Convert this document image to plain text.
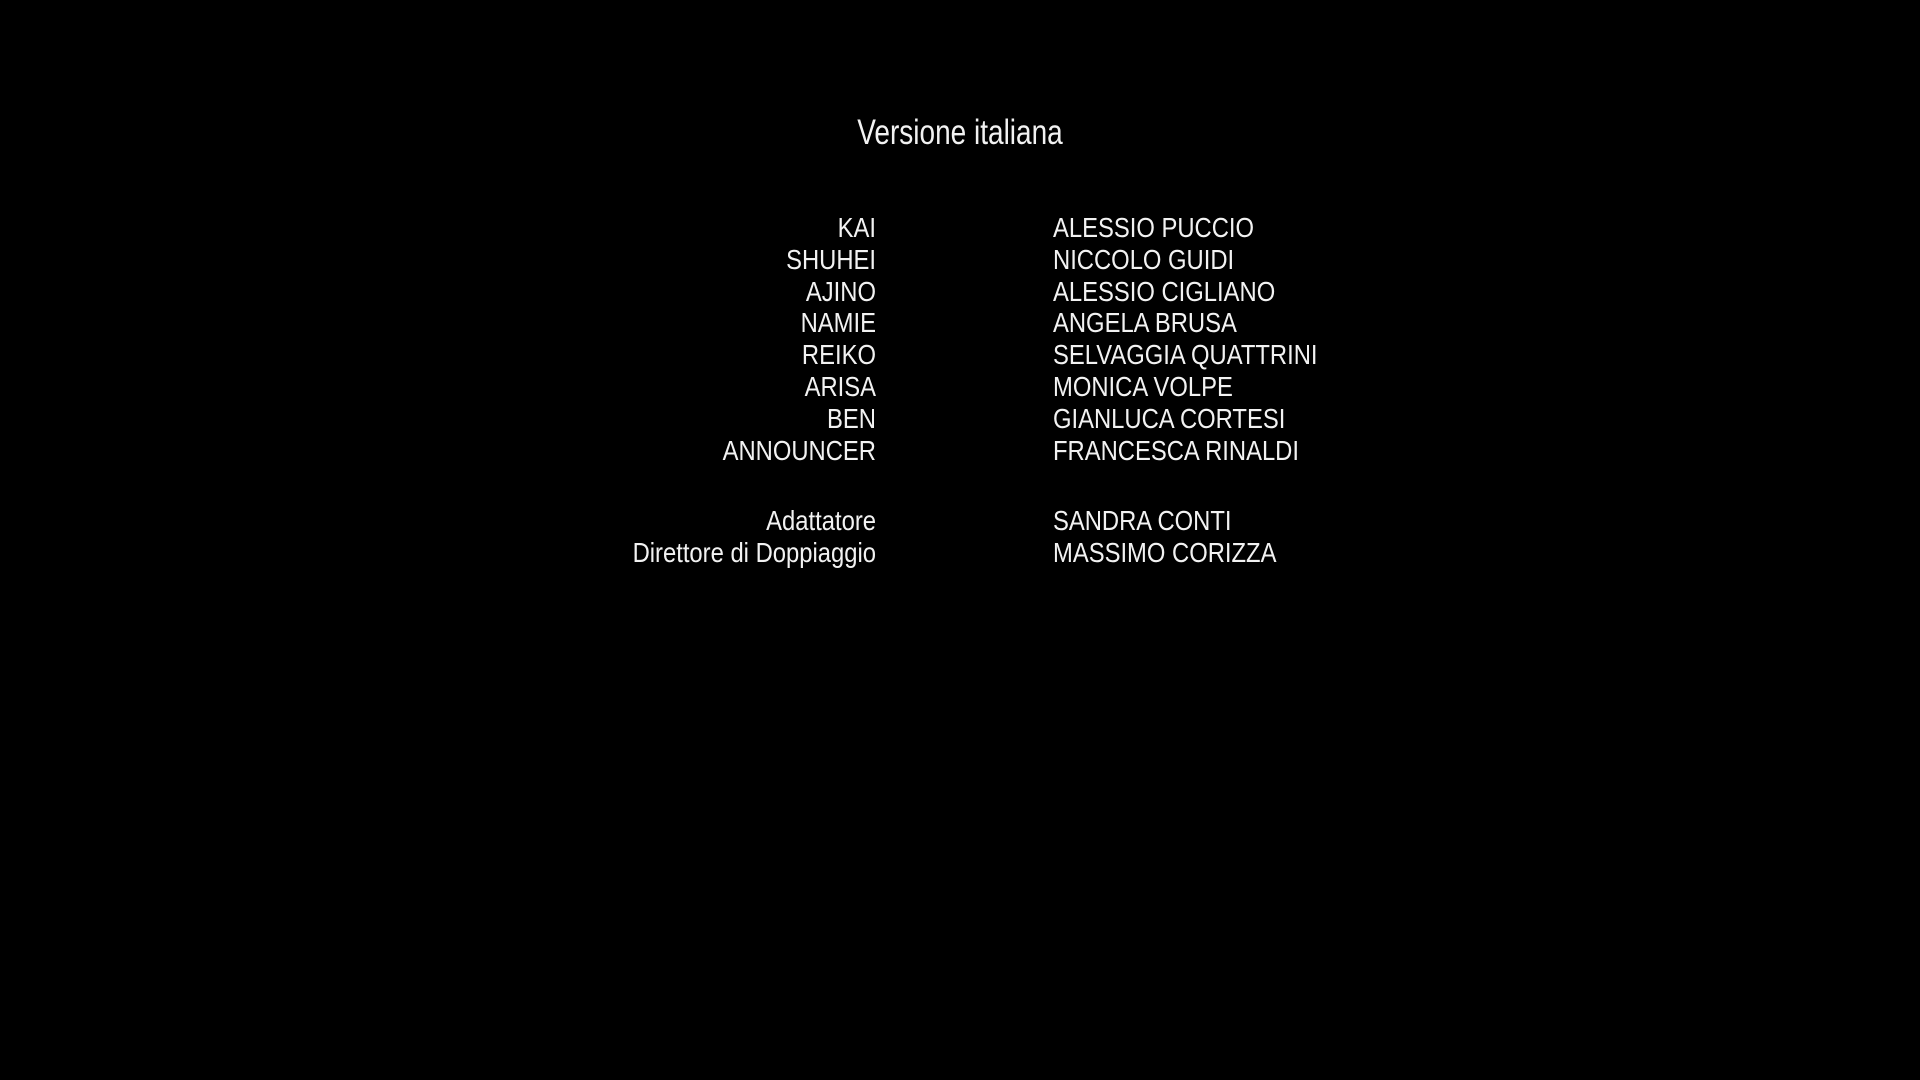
Versione italiana
KAI	ALESSIO PUCCIO
SHUHEI	NICCOLO GUIDI
AJINO	ALESSIO CIGLIANO
NAMIE	ANGELA BRUSA
REIKO	SELVAGGIA QUATTRINI
ARISA	MONICA VOLPE
BEN	GIANLUCA CORTESI
ANNOUNCER	FRANCESCA RINALDI
Adattatore	SANDRA CONTI
Direttore di Doppiaggio	MASSIMO CORIZZA
